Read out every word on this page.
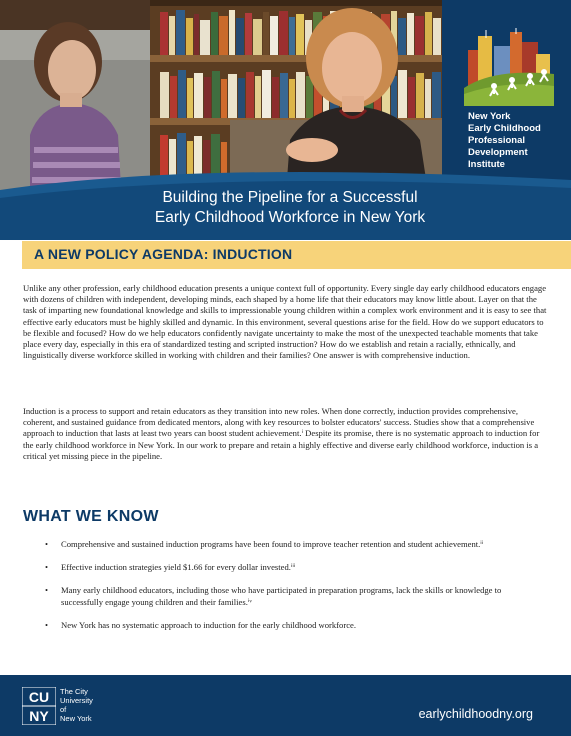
New York
Early Childhood
Professional
Development
Institute
Building the Pipeline for a Successful
Early Childhood Workforce in New York
A NEW POLICY AGENDA: INDUCTION

Unlike any other profession, early childhood education presents a unique context full of opportunity. Every single day early childhood educators engage with dozens of children with independent, developing minds, each shaped by a home life that their educators may know little about. Layer on that the task of imparting new foundational knowledge and skills to impressionable young children within a complex work environment and it is easy to see that effective early educators must be highly skilled and dynamic. In this environment, several questions arise for the field. How do we support educators to be flexible and focused? How do we help educators confidently navigate uncertainty to make the most of the unexpected teachable moments that take place every day, especially in this era of standardized testing and scripted instruction? How do we establish and retain a racially, ethnically, and linguistically diverse workforce skilled in working with children and their families? One answer is with comprehensive induction.

Induction is a process to support and retain educators as they transition into new roles. When done correctly, induction provides comprehensive, coherent, and sustained guidance from dedicated mentors, along with key resources to bolster educators' success. Studies show that a comprehensive approach to induction that lasts at least two years can boost student achievement.ⁱ Despite its promise, there is no systematic approach to induction for the early childhood workforce in New York. In our work to prepare and retain a highly effective and diverse early childhood workforce, induction is a critical yet missing piece in the pipeline.

WHAT WE KNOW
• Comprehensive and sustained induction programs have been found to improve teacher retention and student achievement.ⁱⁱ
• Effective induction strategies yield $1.66 for every dollar invested.ⁱⁱⁱ
• Many early childhood educators, including those who have participated in preparation programs, lack the skills or knowledge to successfully engage young children and their families.ⁱᵛ
• New York has no systematic approach to induction for the early childhood workforce.
CU
NY
The City
University
of
New York	earlychildhoodny.org
